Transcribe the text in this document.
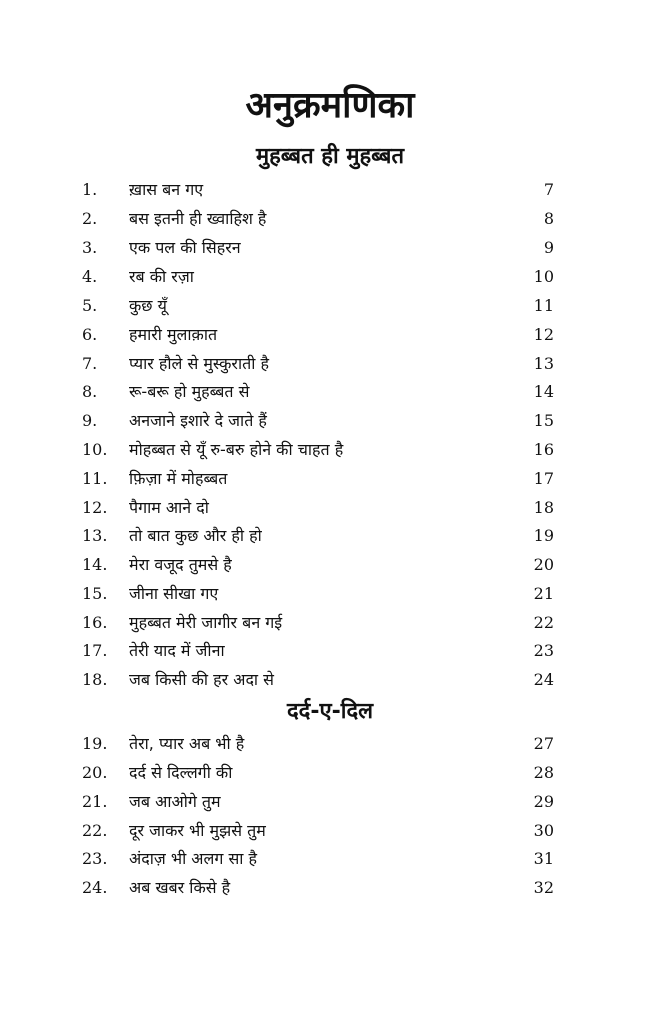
अनुक्रमणिका
मुहब्बत ही मुहब्बत
1.	ख़ास बन गए	7
2.	बस इतनी ही ख्वाहिश है	8
3.	एक पल की सिहरन	9
4.	रब की रज़ा	10
5.	कुछ यूँ	11
6.	हमारी मुलाक़ात	12
7.	प्यार हौले से मुस्कुराती है	13
8.	रू-बरू हो मुहब्बत से	14
9.	अनजाने इशारे दे जाते हैं	15
10.	मोहब्बत से यूँ रु-बरु होने की चाहत है	16
11.	फ़िज़ा में मोहब्बत	17
12.	पैगाम आने दो	18
13.	तो बात कुछ और ही हो	19
14.	मेरा वजूद तुमसे है	20
15.	जीना सीखा गए	21
16.	मुहब्बत मेरी जागीर बन गई	22
17.	तेरी याद में जीना	23
18.	जब किसी की हर अदा से	24
दर्द-ए-दिल
19.	तेरा, प्यार अब भी है	27
20.	दर्द से दिल्लगी की	28
21.	जब आओगे तुम	29
22.	दूर जाकर भी मुझसे तुम	30
23.	अंदाज़ भी अलग सा है	31
24.	अब खबर किसे है	32
